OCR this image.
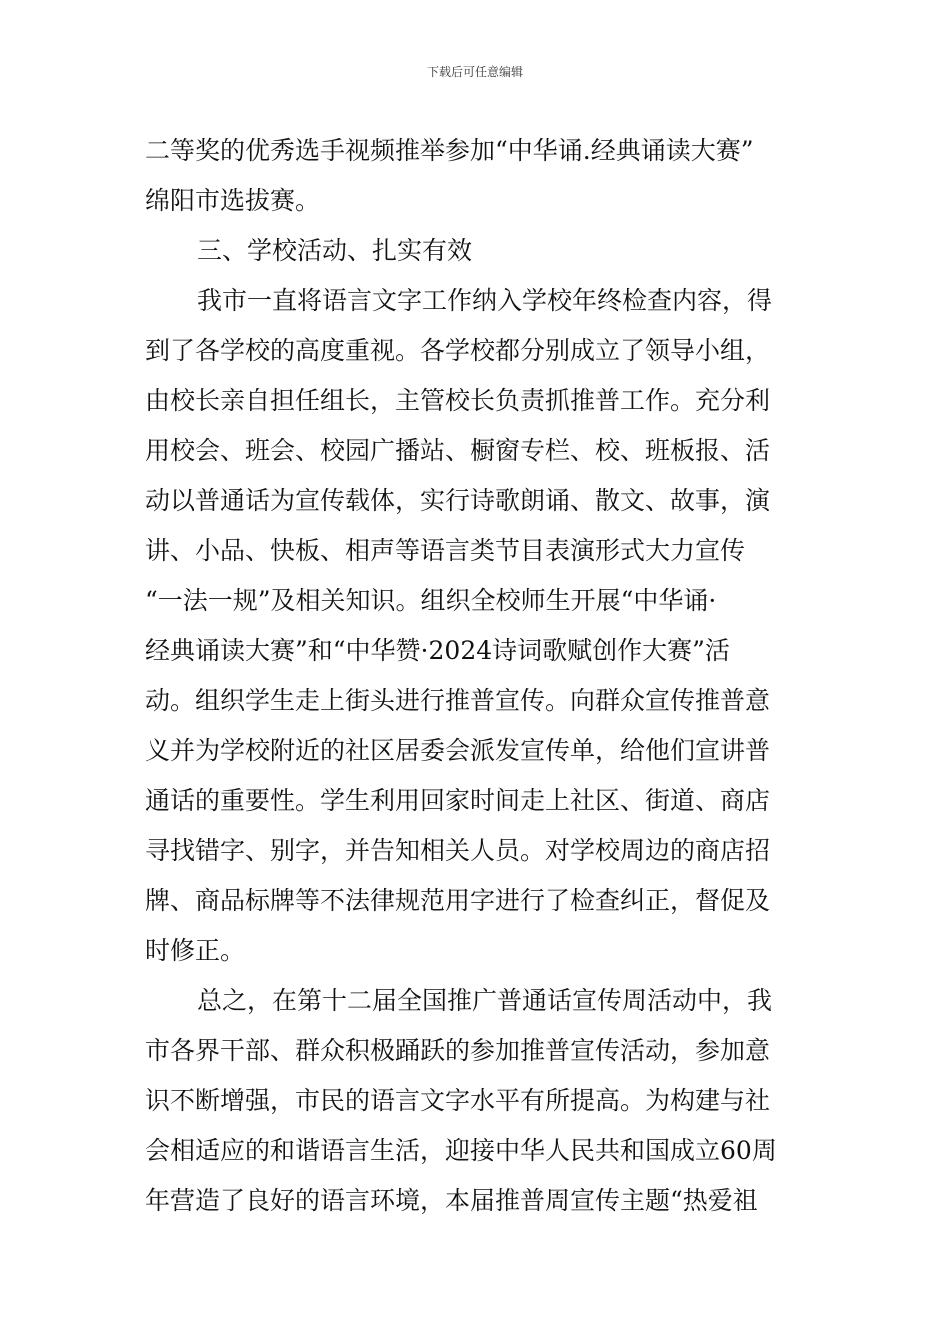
下载后可任意编辑
二等奖的优秀选手视频推举参加“中华诵.经典诵读大赛”
绵阳市选拔赛。
三、学校活动、扎实有效
我市一直将语言文字工作纳入学校年终检查内容，得
到了各学校的高度重视。各学校都分别成立了领导小组，
由校长亲自担任组长，主管校长负责抓推普工作。充分利
用校会、班会、校园广播站、橱窗专栏、校、班板报、活
动以普通话为宣传载体，实行诗歌朗诵、散文、故事，演
讲、小品、快板、相声等语言类节目表演形式大力宣传
“一法一规”及相关知识。组织全校师生开展“中华诵·
经典诵读大赛”和“中华赞·2024诗词歌赋创作大赛”活
动。组织学生走上街头进行推普宣传。向群众宣传推普意
义并为学校附近的社区居委会派发宣传单，给他们宣讲普
通话的重要性。学生利用回家时间走上社区、街道、商店
寻找错字、别字，并告知相关人员。对学校周边的商店招
牌、商品标牌等不法律规范用字进行了检查纠正，督促及
时修正。
总之，在第十二届全国推广普通话宣传周活动中，我
市各界干部、群众积极踊跃的参加推普宣传活动，参加意
识不断增强，市民的语言文字水平有所提高。为构建与社
会相适应的和谐语言生活，迎接中华人民共和国成立60周
年营造了良好的语言环境，本届推普周宣传主题“热爱祖
